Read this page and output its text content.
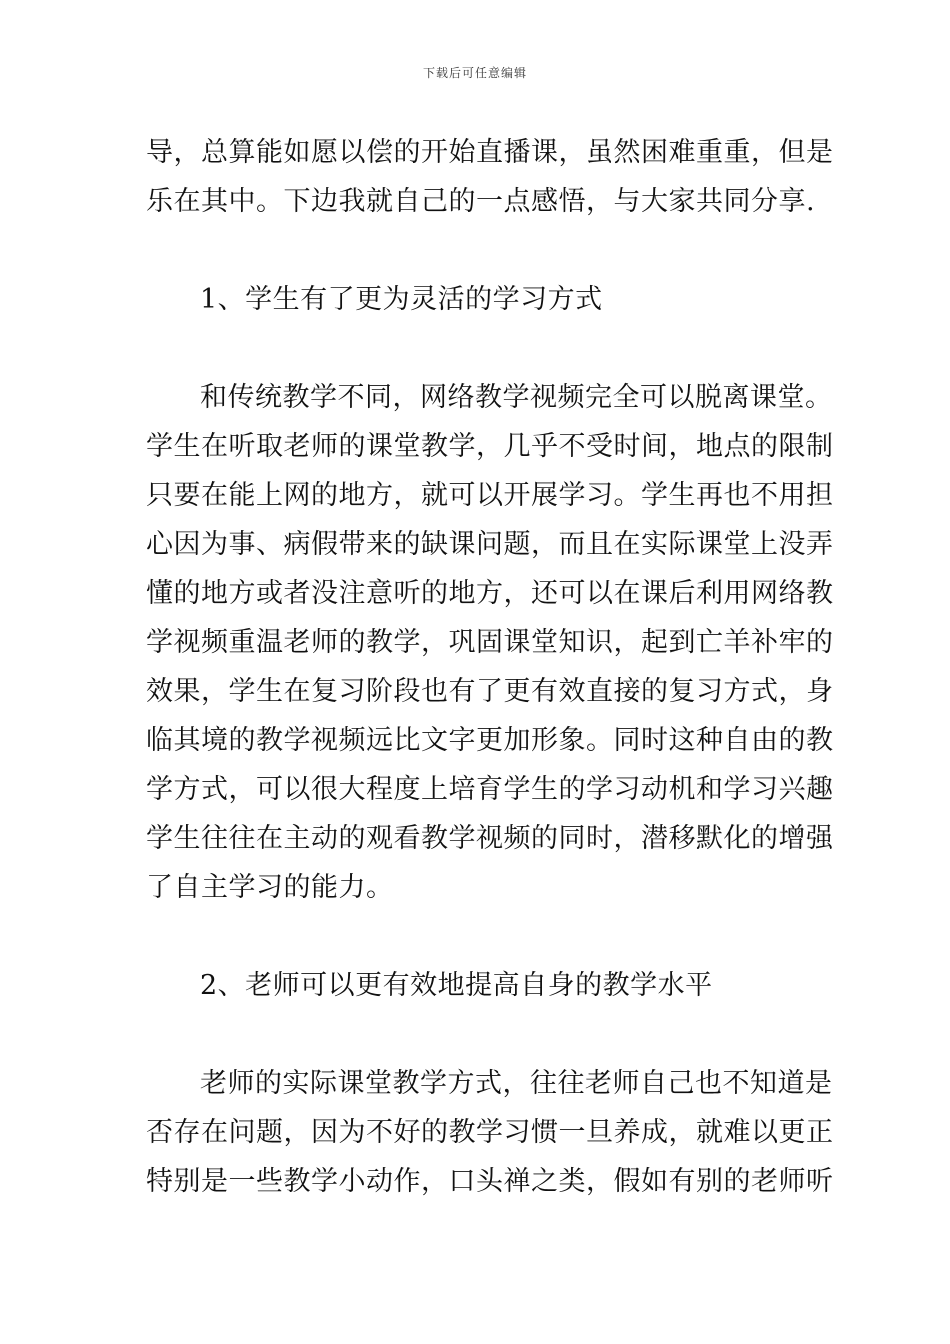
下载后可任意编辑
导，总算能如愿以偿的开始直播课，虽然困难重重，但是
乐在其中。下边我就自己的一点感悟，与大家共同分享.
1、学生有了更为灵活的学习方式
和传统教学不同，网络教学视频完全可以脱离课堂。
学生在听取老师的课堂教学，几乎不受时间，地点的限制
只要在能上网的地方，就可以开展学习。学生再也不用担
心因为事、病假带来的缺课问题，而且在实际课堂上没弄
懂的地方或者没注意听的地方，还可以在课后利用网络教
学视频重温老师的教学，巩固课堂知识，起到亡羊补牢的
效果，学生在复习阶段也有了更有效直接的复习方式，身
临其境的教学视频远比文字更加形象。同时这种自由的教
学方式，可以很大程度上培育学生的学习动机和学习兴趣
学生往往在主动的观看教学视频的同时，潜移默化的增强
了自主学习的能力。
2、老师可以更有效地提高自身的教学水平
老师的实际课堂教学方式，往往老师自己也不知道是
否存在问题，因为不好的教学习惯一旦养成，就难以更正
特别是一些教学小动作，口头禅之类，假如有别的老师听
